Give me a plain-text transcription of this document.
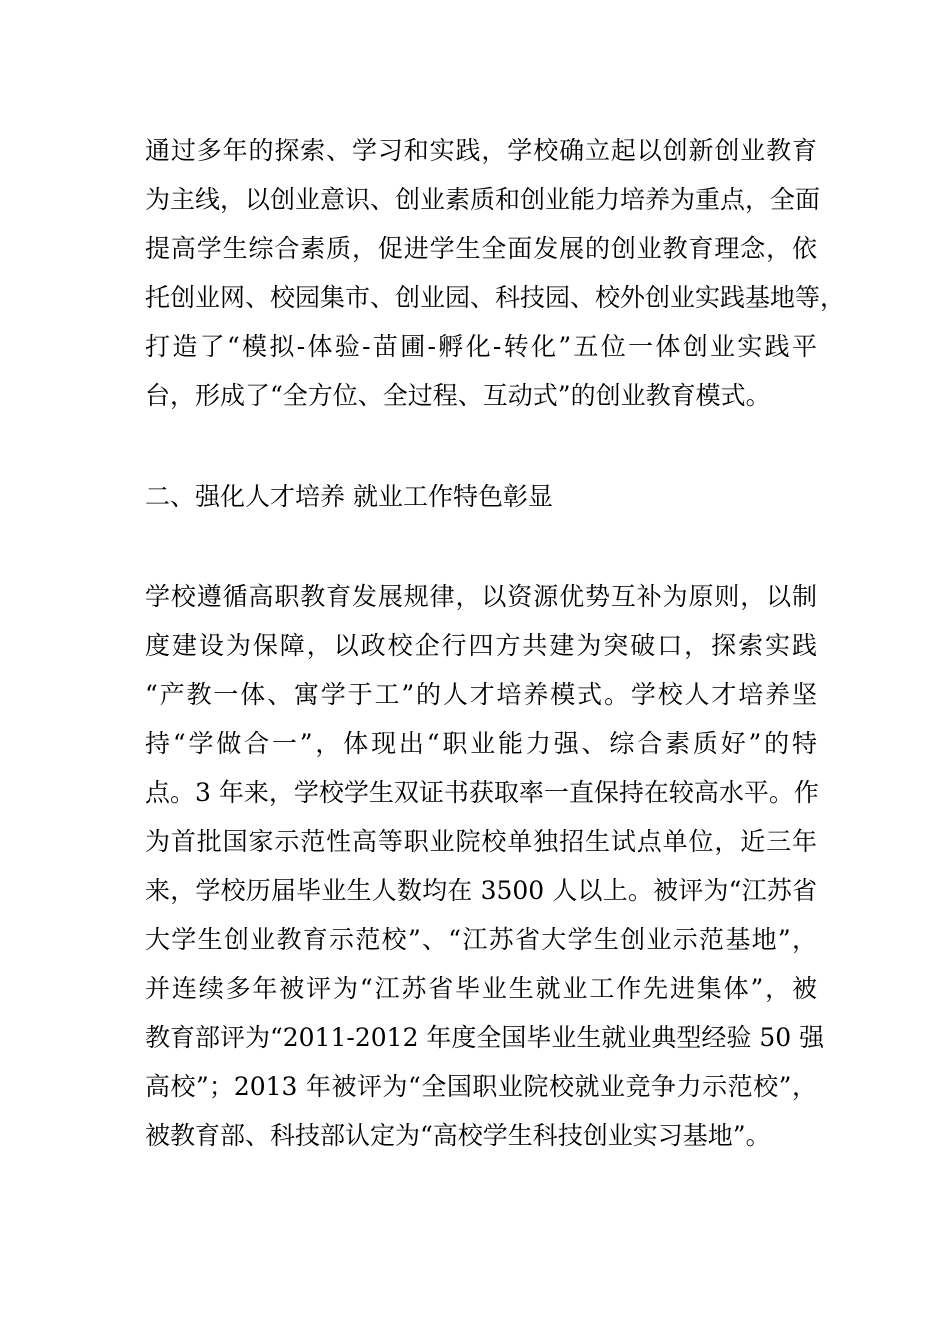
通过多年的探索、学习和实践，学校确立起以创新创业教育
为主线，以创业意识、创业素质和创业能力培养为重点，全面
提高学生综合素质，促进学生全面发展的创业教育理念，依
托创业网、校园集市、创业园、科技园、校外创业实践基地等，
打造了“模拟-体验-苗圃-孵化-转化”五位一体创业实践平
台，形成了“全方位、全过程、互动式”的创业教育模式。
二、强化人才培养 就业工作特色彰显
学校遵循高职教育发展规律，以资源优势互补为原则，以制
度建设为保障，以政校企行四方共建为突破口，探索实践
“产教一体、寓学于工”的人才培养模式。学校人才培养坚
持“学做合一”，体现出“职业能力强、综合素质好”的特
点。3 年来，学校学生双证书获取率一直保持在较高水平。作
为首批国家示范性高等职业院校单独招生试点单位，近三年
来，学校历届毕业生人数均在 3500 人以上。被评为“江苏省
大学生创业教育示范校”、“江苏省大学生创业示范基地”，
并连续多年被评为“江苏省毕业生就业工作先进集体”，被
教育部评为“2011-2012 年度全国毕业生就业典型经验 50 强
高校”；2013 年被评为“全国职业院校就业竞争力示范校”，
被教育部、科技部认定为“高校学生科技创业实习基地”。
